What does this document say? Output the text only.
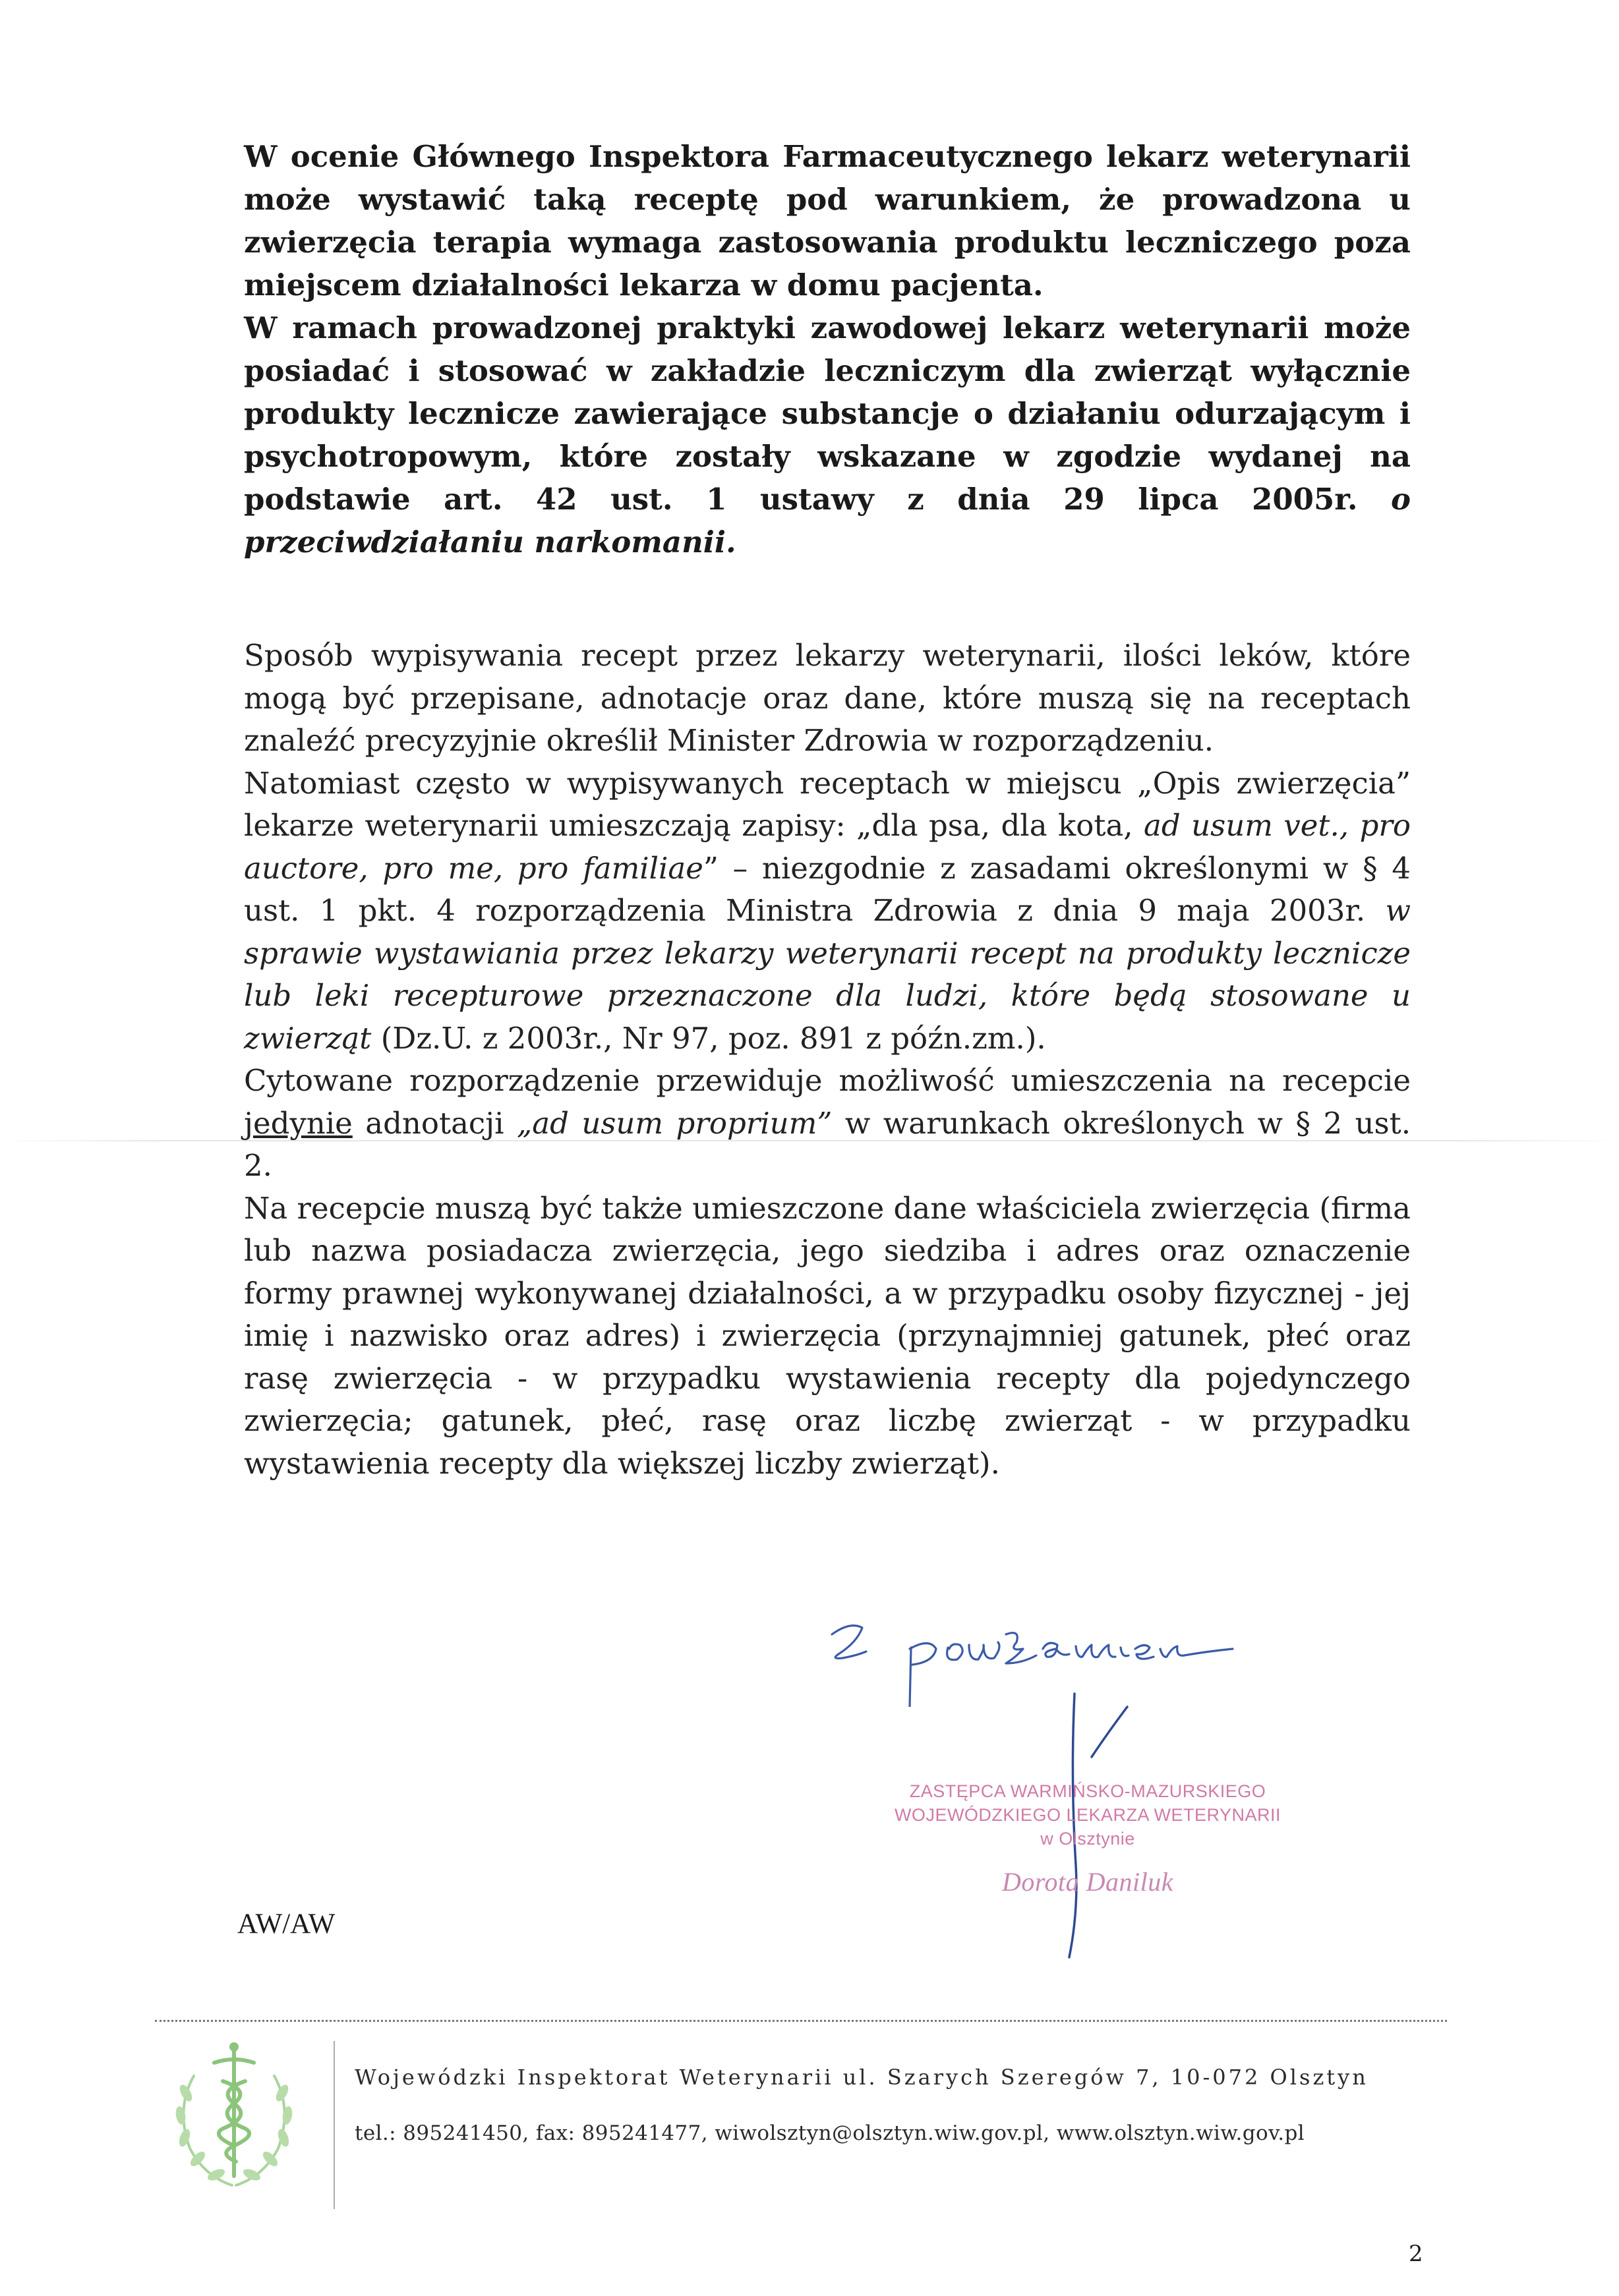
W ocenie Głównego Inspektora Farmaceutycznego lekarz weterynarii może wystawić taką receptę pod warunkiem, że prowadzona u zwierzęcia terapia wymaga zastosowania produktu leczniczego poza miejscem działalności lekarza w domu pacjenta.

W ramach prowadzonej praktyki zawodowej lekarz weterynarii może posiadać i stosować w zakładzie leczniczym dla zwierząt wyłącznie produkty lecznicze zawierające substancje o działaniu odurzającym i psychotropowym, które zostały wskazane w zgodzie wydanej na podstawie art. 42 ust. 1 ustawy z dnia 29 lipca 2005r. o przeciwdziałaniu narkomanii.

Sposób wypisywania recept przez lekarzy weterynarii, ilości leków, które mogą być przepisane, adnotacje oraz dane, które muszą się na receptach znaleźć precyzyjnie określił Minister Zdrowia w rozporządzeniu.

Natomiast często w wypisywanych receptach w miejscu „Opis zwierzęcia” lekarze weterynarii umieszczają zapisy: „dla psa, dla kota, ad usum vet., pro auctore, pro me, pro familiae” – niezgodnie z zasadami określonymi w § 4 ust. 1 pkt. 4 rozporządzenia Ministra Zdrowia z dnia 9 maja 2003r. w sprawie wystawiania przez lekarzy weterynarii recept na produkty lecznicze lub leki recepturowe przeznaczone dla ludzi, które będą stosowane u zwierząt (Dz.U. z 2003r., Nr 97, poz. 891 z późn.zm.).

Cytowane rozporządzenie przewiduje możliwość umieszczenia na recepcie jedynie adnotacji „ad usum proprium” w warunkach określonych w § 2 ust. 2.

Na recepcie muszą być także umieszczone dane właściciela zwierzęcia (firma lub nazwa posiadacza zwierzęcia, jego siedziba i adres oraz oznaczenie formy prawnej wykonywanej działalności, a w przypadku osoby fizycznej - jej imię i nazwisko oraz adres) i zwierzęcia (przynajmniej gatunek, płeć oraz rasę zwierzęcia - w przypadku wystawienia recepty dla pojedynczego zwierzęcia; gatunek, płeć, rasę oraz liczbę zwierząt - w przypadku wystawienia recepty dla większej liczby zwierząt).

ZASTĘPCA WARMIŃSKO-MAZURSKIEGO
WOJEWÓDZKIEGO LEKARZA WETERYNARII
w Olsztynie
Dorota Daniluk
AW/AW
Wojewódzki Inspektorat Weterynarii ul. Szarych Szeregów 7, 10-072 Olsztyn
tel.: 895241450, fax: 895241477, wiwolsztyn@olsztyn.wiw.gov.pl, www.olsztyn.wiw.gov.pl
2
